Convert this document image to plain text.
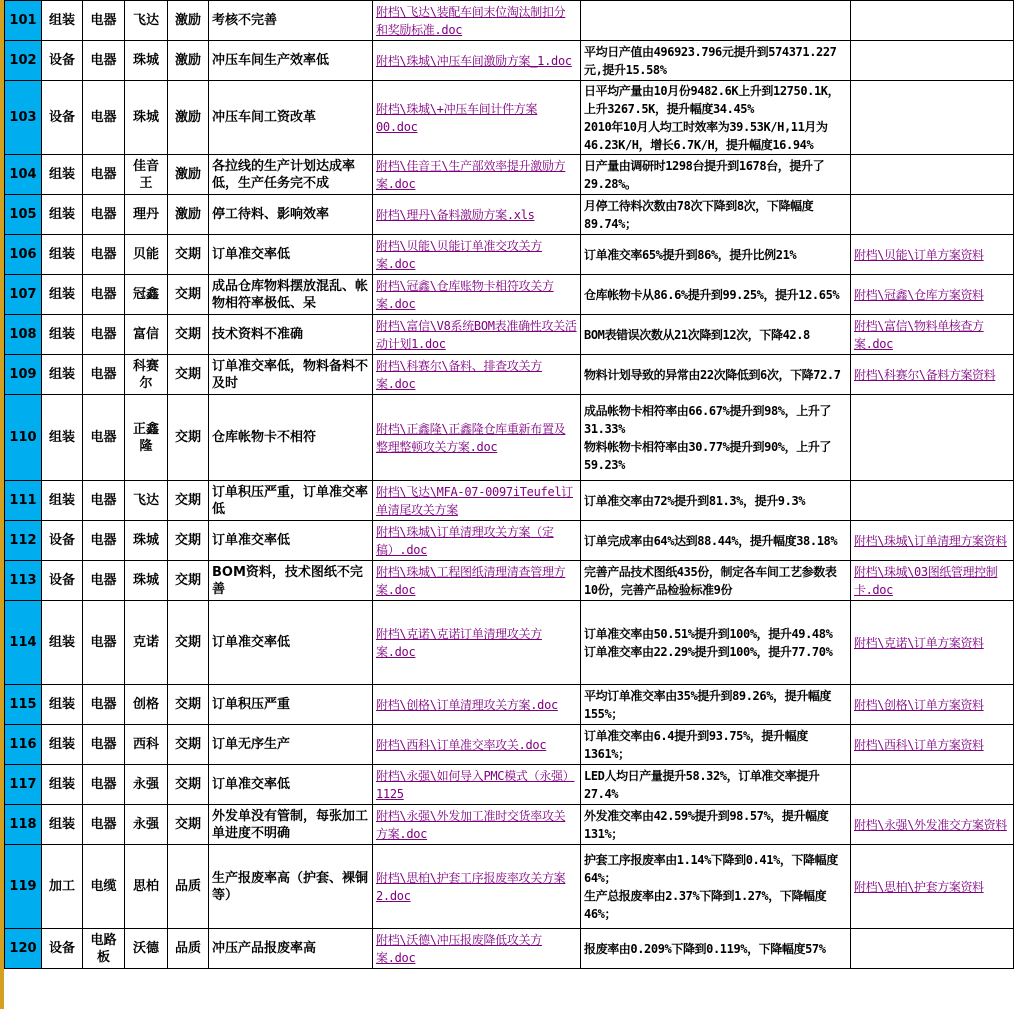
101	组装	电器	飞达	激励	考核不完善	附档\飞达\装配车间末位淘汰制扣分和奖励标准.doc		
102	设备	电器	珠城	激励	冲压车间生产效率低	附档\珠城\冲压车间激励方案_1.doc	平均日产值由496923.796元提升到574371.227元,提升15.58%	
103	设备	电器	珠城	激励	冲压车间工资改革	附档\珠城\+冲压车间计件方案00.doc	日平均产量由10月份9482.6K上升到12750.1K，上升3267.5K，提升幅度34.45%
2010年10月人均工时效率为39.53K/H,11月为46.23K/H，增长6.7K/H，提升幅度16.94%	
104	组装	电器	佳音王	激励	各拉线的生产计划达成率低，生产任务完不成	附档\佳音王\生产部效率提升激励方案.doc	日产量由调研时1298台提升到1678台，提升了29.28%。	
105	组装	电器	理丹	激励	停工待料、影响效率	附档\理丹\备料激励方案.xls	月停工待料次数由78次下降到8次，下降幅度89.74%；	
106	组装	电器	贝能	交期	订单准交率低	附档\贝能\贝能订单准交攻关方案.doc	订单准交率65%提升到86%，提升比例21%	附档\贝能\订单方案资料
107	组装	电器	冠鑫	交期	成品仓库物料摆放混乱、帐物相符率极低、呆	附档\冠鑫\仓库账物卡相符攻关方案.doc	仓库帐物卡从86.6%提升到99.25%，提升12.65%	附档\冠鑫\仓库方案资料
108	组装	电器	富信	交期	技术资料不准确	附档\富信\V8系统BOM表准确性攻关活动计划1.doc	BOM表错误次数从21次降到12次，下降42.8	附档\富信\物料单核查方案.doc
109	组装	电器	科赛尔	交期	订单准交率低，物料备料不及时	附档\科赛尔\备料、排查攻关方案.doc	物料计划导致的异常由22次降低到6次，下降72.7	附档\科赛尔\备料方案资料
110	组装	电器	正鑫隆	交期	仓库帐物卡不相符	附档\正鑫隆\正鑫隆仓库重新布置及整理整顿攻关方案.doc	成品帐物卡相符率由66.67%提升到98%，上升了31.33%
物料帐物卡相符率由30.77%提升到90%，上升了59.23%	
111	组装	电器	飞达	交期	订单积压严重，订单准交率低	附档\飞达\MFA-07-0097iTeufel订单清尾攻关方案	订单准交率由72%提升到81.3%，提升9.3%	
112	设备	电器	珠城	交期	订单准交率低	附档\珠城\订单清理攻关方案（定稿）.doc	订单完成率由64%达到88.44%，提升幅度38.18%	附档\珠城\订单清理方案资料
113	设备	电器	珠城	交期	BOM资料，技术图纸不完善	附档\珠城\工程图纸清理清查管理方案.doc	完善产品技术图纸435份，制定各车间工艺参数表10份，完善产品检验标准9份	附档\珠城\03图纸管理控制卡.doc
114	组装	电器	克诺	交期	订单准交率低	附档\克诺\克诺订单清理攻关方案.doc	订单准交率由50.51%提升到100%，提升49.48%
订单准交率由22.29%提升到100%，提升77.70%	附档\克诺\订单方案资料
115	组装	电器	创格	交期	订单积压严重	附档\创格\订单清理攻关方案.doc	平均订单准交率由35%提升到89.26%，提升幅度155%；	附档\创格\订单方案资料
116	组装	电器	西科	交期	订单无序生产	附档\西科\订单准交率攻关.doc	订单准交率由6.4提升到93.75%，提升幅度1361%；	附档\西科\订单方案资料
117	组装	电器	永强	交期	订单准交率低	附档\永强\如何导入PMC模式（永强）1125	LED人均日产量提升58.32%，订单准交率提升27.4%	
118	组装	电器	永强	交期	外发单没有管制，每张加工单进度不明确	附档\永强\外发加工准时交货率攻关方案.doc	外发准交率由42.59%提升到98.57%，提升幅度131%；	附档\永强\外发准交方案资料
119	加工	电缆	思柏	品质	生产报废率高（护套、裸铜等）	附档\思柏\护套工序报废率攻关方案2.doc	护套工序报废率由1.14%下降到0.41%，下降幅度64%；
生产总报废率由2.37%下降到1.27%，下降幅度46%；	附档\思柏\护套方案资料
120	设备	电路板	沃德	品质	冲压产品报废率高	附档\沃德\冲压报废降低攻关方案.doc	报废率由0.209%下降到0.119%，下降幅度57%	
